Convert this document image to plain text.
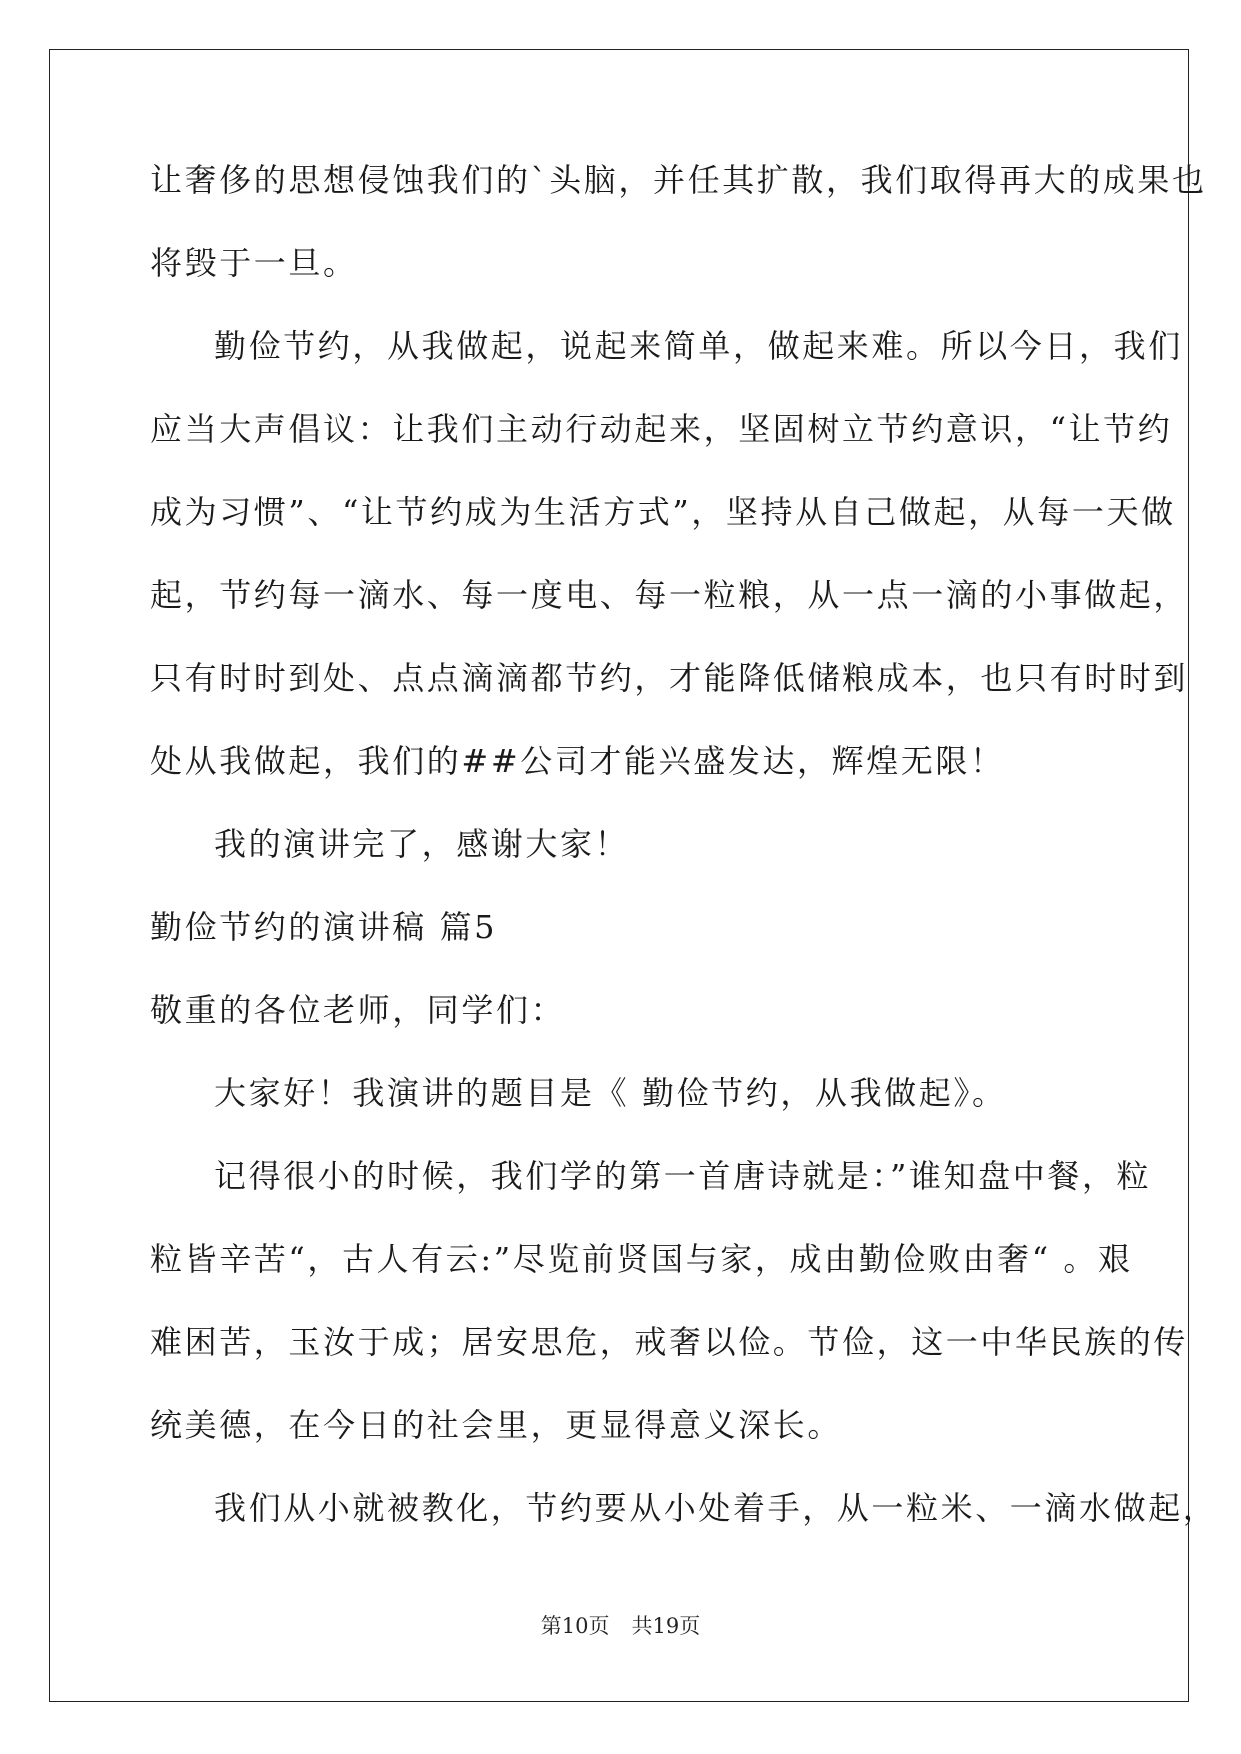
让奢侈的思想侵蚀我们的`头脑，并任其扩散，我们取得再大的成果也
将毁于一旦。
勤俭节约，从我做起，说起来简单，做起来难。所以今日，我们
应当大声倡议：让我们主动行动起来，坚固树立节约意识，“让节约
成为习惯”、“让节约成为生活方式”，坚持从自己做起，从每一天做
起，节约每一滴水、每一度电、每一粒粮，从一点一滴的小事做起，
只有时时到处、点点滴滴都节约，才能降低储粮成本，也只有时时到
处从我做起，我们的##公司才能兴盛发达，辉煌无限！
我的演讲完了，感谢大家！
勤俭节约的演讲稿 篇5
敬重的各位老师，同学们：
大家好！我演讲的题目是《 勤俭节约，从我做起》。
记得很小的时候，我们学的第一首唐诗就是：”谁知盘中餐，粒
粒皆辛苦“，古人有云:”尽览前贤国与家，成由勤俭败由奢“ 。艰
难困苦，玉汝于成；居安思危，戒奢以俭。节俭，这一中华民族的传
统美德，在今日的社会里，更显得意义深长。
我们从小就被教化，节约要从小处着手，从一粒米、一滴水做起，
第10页 共19页
